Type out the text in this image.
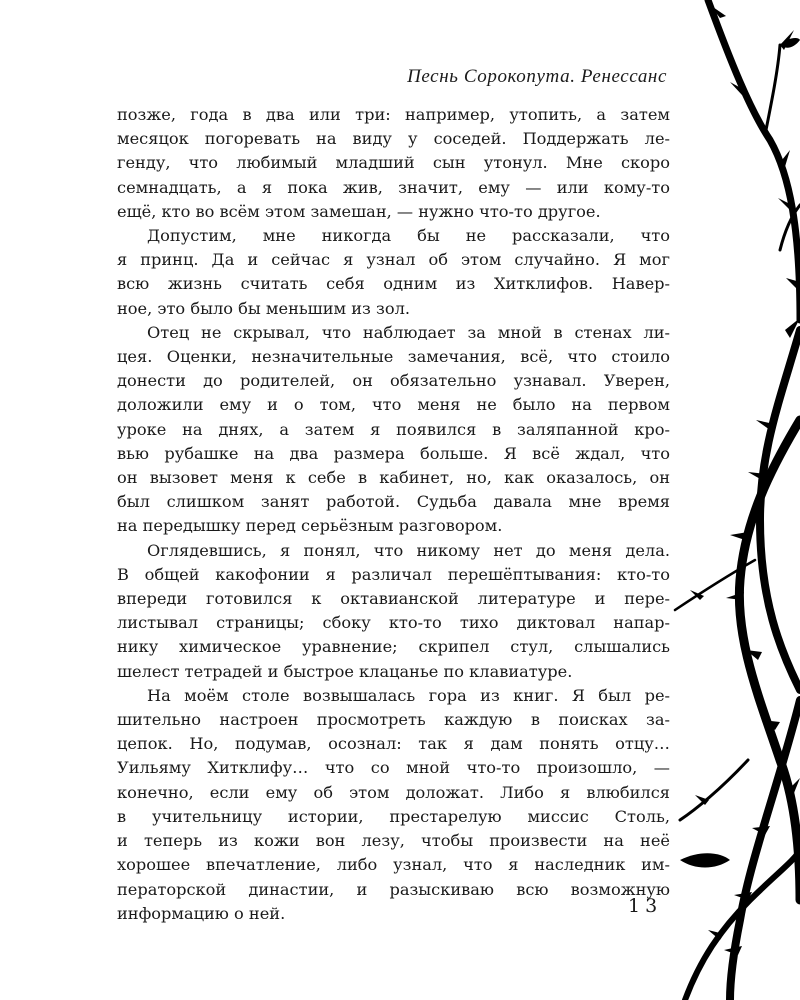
Песнь Сорокопута. Ренессанс

позже, года в два или три: например, утопить, а затем
месяцок погоревать на виду у соседей. Поддержать ле-
генду, что любимый младший сын утонул. Мне скоро
семнадцать, а я пока жив, значит, ему — или кому-то
ещё, кто во всём этом замешан, — нужно что-то другое.

Допустим, мне никогда бы не рассказали, что
я принц. Да и сейчас я узнал об этом случайно. Я мог
всю жизнь считать себя одним из Хитклифов. Навер-
ное, это было бы меньшим из зол.

Отец не скрывал, что наблюдает за мной в стенах ли-
цея. Оценки, незначительные замечания, всё, что стоило
донести до родителей, он обязательно узнавал. Уверен,
доложили ему и о том, что меня не было на первом
уроке на днях, а затем я появился в заляпанной кро-
вью рубашке на два размера больше. Я всё ждал, что
он вызовет меня к себе в кабинет, но, как оказалось, он
был слишком занят работой. Судьба давала мне время
на передышку перед серьёзным разговором.

Оглядевшись, я понял, что никому нет до меня дела.
В общей какофонии я различал перешёптывания: кто-то
впереди готовился к октавианской литературе и пере-
листывал страницы; сбоку кто-то тихо диктовал напар-
нику химическое уравнение; скрипел стул, слышались
шелест тетрадей и быстрое клацанье по клавиатуре.

На моём столе возвышалась гора из книг. Я был ре-
шительно настроен просмотреть каждую в поисках за-
цепок. Но, подумав, осознал: так я дам понять отцу…
Уильяму Хитклифу… что со мной что-то произошло, —
конечно, если ему об этом доложат. Либо я влюбился
в учительницу истории, престарелую миссис Столь,
и теперь из кожи вон лезу, чтобы произвести на неё
хорошее впечатление, либо узнал, что я наследник им-
ператорской династии, и разыскиваю всю возможную
информацию о ней.	13
